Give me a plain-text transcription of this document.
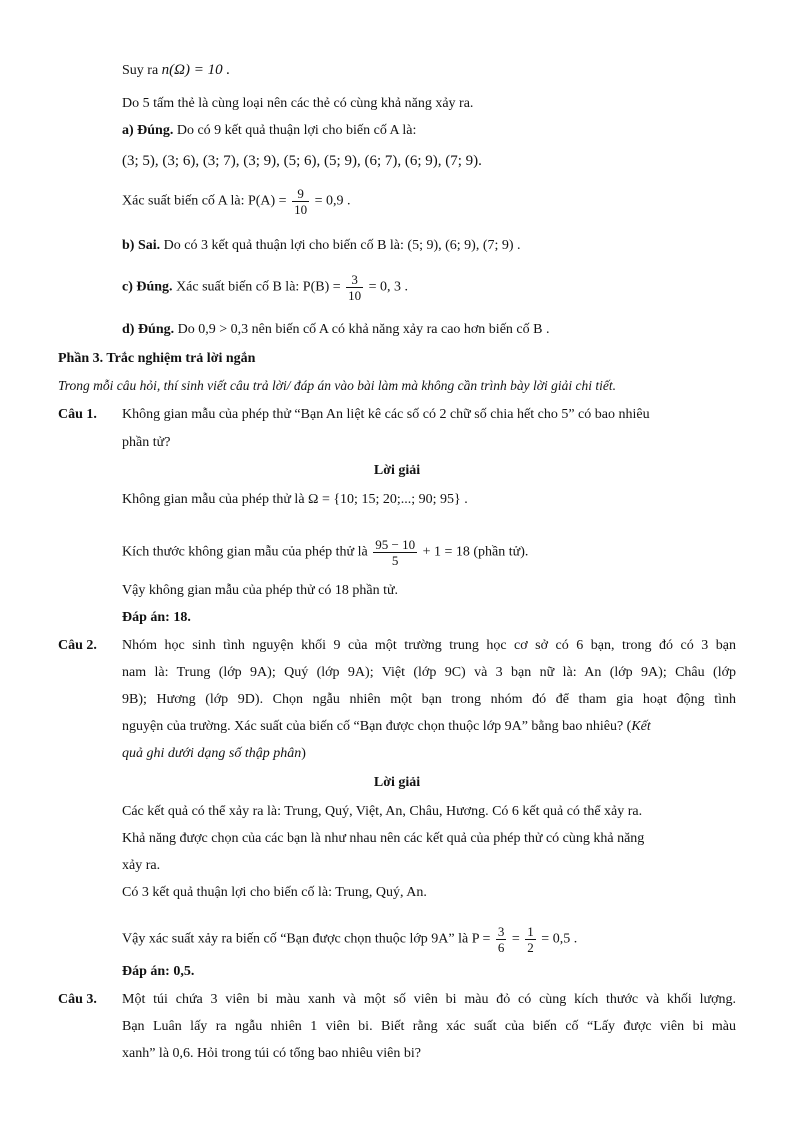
Suy ra n(Ω) = 10 .
Do 5 tấm thẻ là cùng loại nên các thẻ có cùng khả năng xảy ra.
a) Đúng. Do có 9 kết quả thuận lợi cho biến cố A là:
(3; 5), (3; 6), (3; 7), (3; 9), (5; 6), (5; 9), (6; 7), (6; 9), (7; 9).
Xác suất biến cố A là: $P(A) = \frac{9}{10} = 0,9$ .
b) Sai. Do có 3 kết quả thuận lợi cho biến cố B là: (5; 9), (6; 9), (7; 9) .
c) Đúng. Xác suất biến cố B là: $P(B) = \frac{3}{10} = 0$, 3 .
d) Đúng. Do 0,9 > 0,3 nên biến cố A có khả năng xảy ra cao hơn biến cố B .
Phần 3. Trắc nghiệm trả lời ngắn
Trong mỗi câu hỏi, thí sinh viết câu trả lời/ đáp án vào bài làm mà không cần trình bày lời giải chi tiết.
Câu 1. Không gian mẫu của phép thử “Bạn An liệt kê các số có 2 chữ số chia hết cho 5” có bao nhiêu
phần tử?
Lời giải
Không gian mẫu của phép thử là Ω = {10; 15; 20;...; 90; 95} .
Kích thước không gian mẫu của phép thử là $\frac{95 - 10}{5} + 1 = 18$ (phần tử).
Vậy không gian mẫu của phép thử có 18 phần tử.
Đáp án: 18.
Câu 2. Nhóm học sinh tình nguyện khối 9 của một trường trung học cơ sở có 6 bạn, trong đó có 3 bạn
nam là: Trung (lớp 9A); Quý (lớp 9A); Việt (lớp 9C) và 3 bạn nữ là: An (lớp 9A); Châu (lớp
9B); Hương (lớp 9D). Chọn ngẫu nhiên một bạn trong nhóm đó để tham gia hoạt động tình
nguyện của trường. Xác suất của biến cố “Bạn được chọn thuộc lớp 9A” bằng bao nhiêu? (Kết
quả ghi dưới dạng số thập phân)
Lời giải
Các kết quả có thể xảy ra là: Trung, Quý, Việt, An, Châu, Hương. Có 6 kết quả có thể xảy ra.
Khả năng được chọn của các bạn là như nhau nên các kết quả của phép thử có cùng khả năng
xảy ra.
Có 3 kết quả thuận lợi cho biến cố là: Trung, Quý, An.
Vậy xác suất xảy ra biến cố “Bạn được chọn thuộc lớp 9A” là $P = \frac{3}{6} = \frac{1}{2} = 0,5$ .
Đáp án: 0,5.
Câu 3. Một túi chứa 3 viên bi màu xanh và một số viên bi màu đỏ có cùng kích thước và khối lượng.
Bạn Luân lấy ra ngẫu nhiên 1 viên bi. Biết rằng xác suất của biến cố “Lấy được viên bi màu
xanh” là 0,6. Hỏi trong túi có tổng bao nhiêu viên bi?
